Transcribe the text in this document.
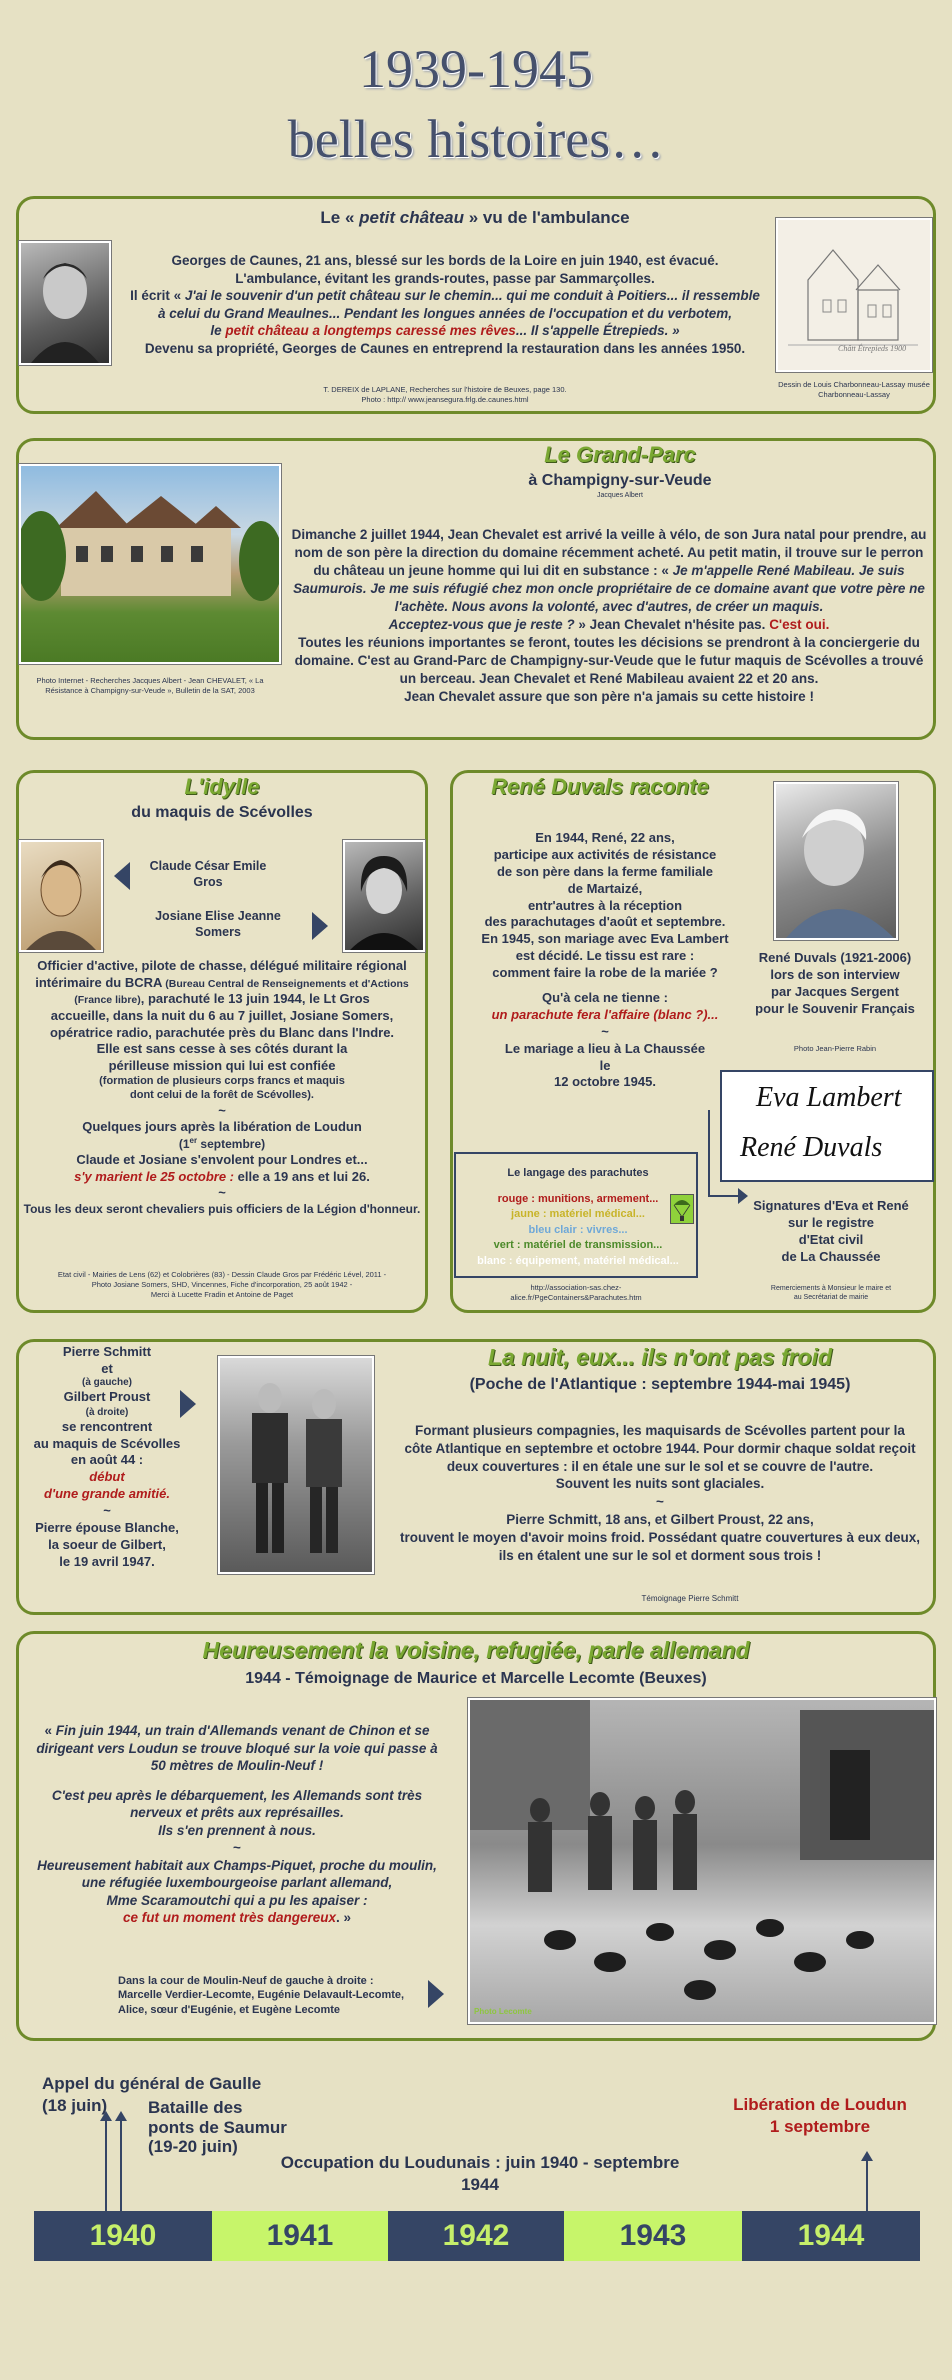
1939-1945
belles histoires…
Le « petit château » vu de l'ambulance
Châtt Étrepieds 1900
Georges de Caunes, 21 ans, blessé sur les bords de la Loire en juin 1940, est évacué.
L'ambulance, évitant les grands-routes, passe par Sammarçolles.
Il écrit « J'ai le souvenir d'un petit château sur le chemin... qui me conduit à Poitiers... il ressemble
à celui du Grand Meaulnes... Pendant les longues années de l'occupation et du verbotem,
le petit château a longtemps caressé mes rêves... Il s'appelle Étrepieds. »
Devenu sa propriété, Georges de Caunes en entreprend la restauration dans les années 1950.
T. DEREIX de LAPLANE, Recherches sur l'histoire de Beuxes, page 130.
Photo : http:// www.jeansegura.frlg.de.caunes.html
Dessin de Louis Charbonneau-Lassay musée Charbonneau-Lassay
Le Grand-Parc
à Champigny-sur-Veude
Jacques Albert
Photo Internet - Recherches Jacques Albert - Jean CHEVALET, « La Résistance à Champigny-sur-Veude », Bulletin de la SAT, 2003
Dimanche 2 juillet 1944, Jean Chevalet est arrivé la veille à vélo, de son Jura natal pour prendre, au
nom de son père la direction du domaine récemment acheté. Au petit matin, il trouve sur le perron
du château un jeune homme qui lui dit en substance : « Je m'appelle René Mabileau. Je suis
Saumurois. Je me suis réfugié chez mon oncle propriétaire de ce domaine avant que votre père ne
l'achète. Nous avons la volonté, avec d'autres, de créer un maquis.
Acceptez-vous que je reste ? » Jean Chevalet n'hésite pas. C'est oui.
Toutes les réunions importantes se feront, toutes les décisions se prendront à la conciergerie du
domaine. C'est au Grand-Parc de Champigny-sur-Veude que le futur maquis de Scévolles a trouvé
un berceau. Jean Chevalet et René Mabileau avaient 22 et 20 ans.
Jean Chevalet assure que son père n'a jamais su cette histoire !
L'idylle
du maquis de Scévolles
Claude César Emile Gros
Josiane Elise Jeanne Somers
Officier d'active, pilote de chasse, délégué militaire régional
intérimaire du BCRA (Bureau Central de Renseignements et d'Actions (France libre), parachuté le 13 juin 1944, le Lt Gros
accueille, dans la nuit du 6 au 7 juillet, Josiane Somers,
opératrice radio, parachutée près du Blanc dans l'Indre.
Elle est sans cesse à ses côtés durant la
périlleuse mission qui lui est confiée
(formation de plusieurs corps francs et maquis
dont celui de la forêt de Scévolles).
~
Quelques jours après la libération de Loudun
(1er septembre)
Claude et Josiane s'envolent pour Londres et...
s'y marient le 25 octobre : elle a 19 ans et lui 26.
~
Tous les deux seront chevaliers puis officiers de la Légion d'honneur.
Etat civil - Mairies de Lens (62) et Colobrières (83) - Dessin Claude Gros par Frédéric Lével, 2011 -
Photo Josiane Somers, SHD, Vincennes, Fiche d'incorporation, 25 août 1942 -
Merci à Lucette Fradin et Antoine de Paget
René Duvals raconte
En 1944, René, 22 ans,
participe aux activités de résistance
de son père dans la ferme familiale
de Martaizé,
entr'autres à la réception
des parachutages d'août et septembre.
En 1945, son mariage avec Eva Lambert
est décidé. Le tissu est rare :
comment faire la robe de la mariée ?
Qu'à cela ne tienne :
un parachute fera l'affaire (blanc ?)...
~
Le mariage a lieu à La Chaussée
le
12 octobre 1945.
René Duvals (1921-2006)
lors de son interview
par Jacques Sergent
pour le Souvenir Français
Photo Jean-Pierre Rabin
Eva Lambert
René Duvals
Signatures d'Eva et René
sur le registre
d'Etat civil
de La Chaussée
Remerciements à Monsieur le maire et
au Secrétariat de mairie
Le langage des parachutes
rouge : munitions, armement...
jaune : matériel médical...
bleu clair : vivres...
vert : matériel de transmission...
blanc : équipement, matériel médical...
http://association-sas.chez-
alice.fr/PgeContainers&Parachutes.htm
Pierre Schmitt
et
(à gauche)
Gilbert Proust
(à droite)
se rencontrent
au maquis de Scévolles
en août 44 :
début
d'une grande amitié.
~
Pierre épouse Blanche,
la soeur de Gilbert,
le 19 avril 1947.
La nuit, eux... ils n'ont pas froid
(Poche de l'Atlantique : septembre 1944-mai 1945)
Formant plusieurs compagnies, les maquisards de Scévolles partent pour la
côte Atlantique en septembre et octobre 1944. Pour dormir chaque soldat reçoit
deux couvertures : il en étale une sur le sol et se couvre de l'autre.
Souvent les nuits sont glaciales.
~
Pierre Schmitt, 18 ans, et Gilbert Proust, 22 ans,
trouvent le moyen d'avoir moins froid. Possédant quatre couvertures à eux deux,
ils en étalent une sur le sol et dorment sous trois !
Témoignage Pierre Schmitt
Heureusement la voisine, refugiée, parle allemand
1944 - Témoignage de Maurice et Marcelle Lecomte (Beuxes)
« Fin juin 1944, un train d'Allemands venant de Chinon et se
dirigeant vers Loudun se trouve bloqué sur la voie qui passe à
50 mètres de Moulin-Neuf !
C'est peu après le débarquement, les Allemands sont très
nerveux et prêts aux représailles.
Ils s'en prennent à nous.
~
Heureusement habitait aux Champs-Piquet, proche du moulin,
une réfugiée luxembourgeoise parlant allemand,
Mme Scaramoutchi qui a pu les apaiser :
ce fut un moment très dangereux. »
Dans la cour de Moulin-Neuf de gauche à droite :
Marcelle Verdier-Lecomte, Eugénie Delavault-Lecomte,
Alice, sœur d'Eugénie, et Eugène Lecomte	Photo Lecomte
Appel du général de Gaulle
(18 juin)	Bataille des
ponts de Saumur
(19-20 juin)
Occupation du Loudunais : juin 1940 - septembre 1944
Libération de Loudun
1 septembre
1940	1941	1942	1943	1944
